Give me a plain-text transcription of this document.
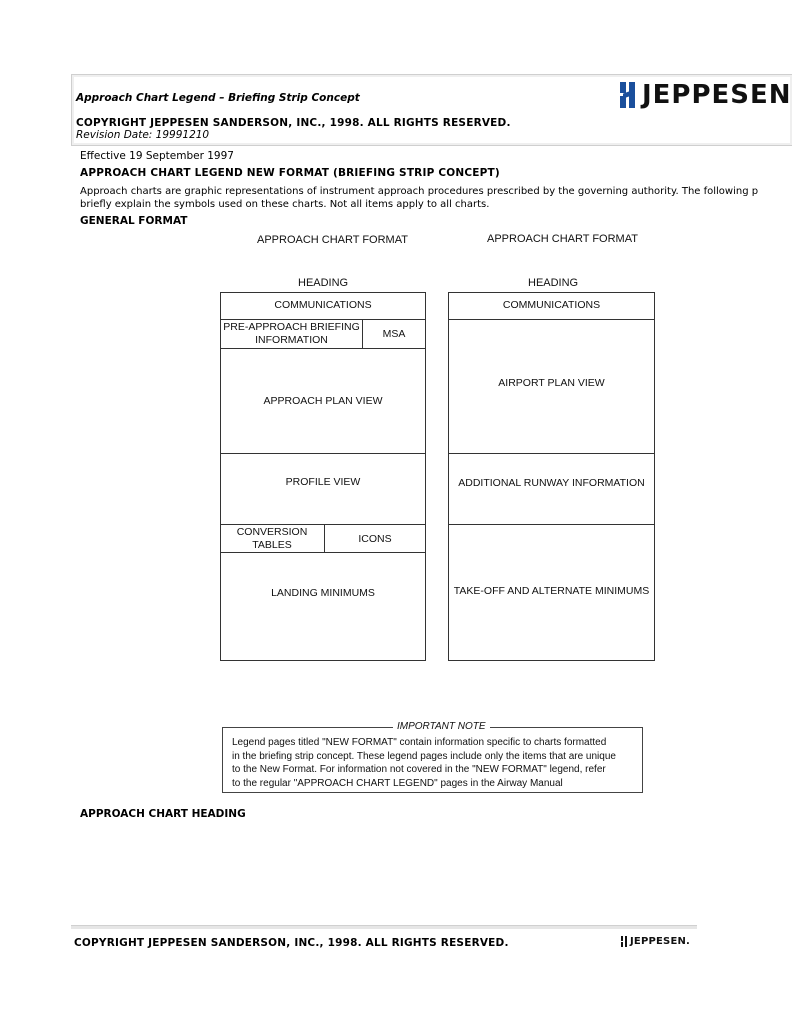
Approach Chart Legend – Briefing Strip Concept
COPYRIGHT JEPPESEN SANDERSON, INC., 1998. ALL RIGHTS RESERVED.
Revision Date: 19991210
JEPPESEN
Effective 19 September 1997
APPROACH CHART LEGEND NEW FORMAT (BRIEFING STRIP CONCEPT)
Approach charts are graphic representations of instrument approach procedures prescribed by the governing authority. The following p
briefly explain the symbols used on these charts. Not all items apply to all charts.
GENERAL FORMAT
APPROACH CHART FORMAT
HEADING
COMMUNICATIONS
PRE-APPROACH BRIEFING
INFORMATION
MSA
APPROACH PLAN VIEW
PROFILE VIEW
CONVERSION
TABLES
ICONS
LANDING MINIMUMS
APPROACH CHART FORMAT
HEADING
COMMUNICATIONS
AIRPORT PLAN VIEW
ADDITIONAL RUNWAY INFORMATION
TAKE-OFF AND ALTERNATE MINIMUMS
IMPORTANT NOTE
Legend pages titled "NEW FORMAT" contain information specific to charts formatted
in the briefing strip concept. These legend pages include only the items that are unique
to the New Format. For information not covered in the "NEW FORMAT" legend, refer
to the regular "APPROACH CHART LEGEND" pages in the Airway Manual
APPROACH CHART HEADING
COPYRIGHT JEPPESEN SANDERSON, INC., 1998. ALL RIGHTS RESERVED.	JEPPESEN.
